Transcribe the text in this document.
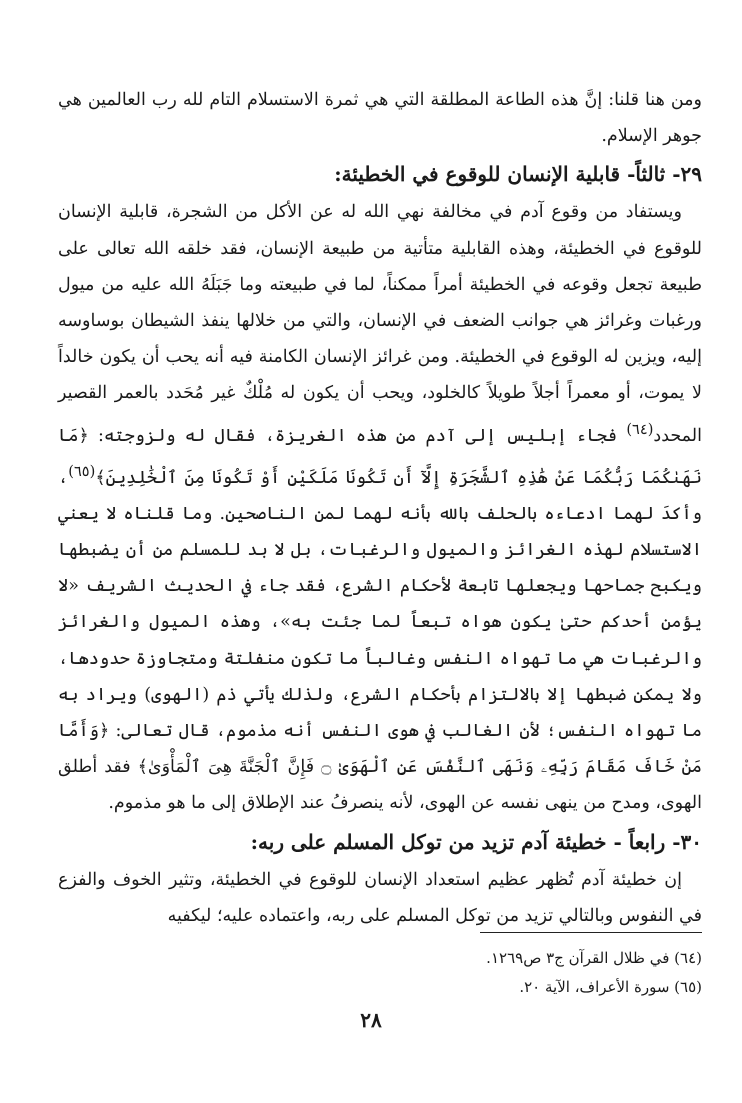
ومن هنا قلنا: إنَّ هذه الطاعة المطلقة التي هي ثمرة الاستسلام التام لله رب العالمين هي جوهر الإسلام.

٢٩- ثالثاً- قابلية الإنسان للوقوع في الخطيئة:

ويستفاد من وقوع آدم في مخالفة نهي الله له عن الأكل من الشجرة، قابلية الإنسان للوقوع في الخطيئة، وهذه القابلية متأتية من طبيعة الإنسان، فقد خلقه الله تعالى على طبيعة تجعل وقوعه في الخطيئة أمراً ممكناً، لما في طبيعته وما جَبَلَهُ الله عليه من ميول ورغبات وغرائز هي جوانب الضعف في الإنسان، والتي من خلالها ينفذ الشيطان بوساوسه إليه، ويزين له الوقوع في الخطيئة. ومن غرائز الإنسان الكامنة فيه أنه يحب أن يكون خالداً لا يموت، أو معمراً أجلاً طويلاً كالخلود، ويحب أن يكون له مُلْكٌ غير مُحَدد بالعمر القصير المحدد$^{(٦٤)}$ فجاء إبليس إلى آدم من هذه الغريزة، فقال له ولزوجته: ﴿مَا نَهَىٰكُمَا رَبُّكُمَا عَنْ هَٰذِهِ ٱلشَّجَرَةِ إِلَّآ أَن تَكُونَا مَلَكَيْنِ أَوْ تَكُونَا مِنَ ٱلْخَٰلِدِينَ﴾$^{(٦٥)}$، وأكدَ لهما ادعاءه بالحلف بالله بأنه لهما لمن الناصحين. وما قلناه لا يعني الاستسلام لهذه الغرائز والميول والرغبات، بل لا بد للمسلم من أن يضبطها ويكبح جماحها ويجعلها تابعة لأحكام الشرع، فقد جاء في الحديث الشريف «لا يؤمن أحدكم حتىٰ يكون هواه تبعاً لما جئت به»، وهذه الميول والغرائز والرغبات هي ما تهواه النفس وغالباً ما تكون منفلتة ومتجاوزة حدودها، ولا يمكن ضبطها إلا بالالتزام بأحكام الشرع، ولذلك يأتي ذم (الهوى) ويراد به ما تهواه النفس؛ لأن الغالب في هوى النفس أنه مذموم، قال تعالى: ﴿وَأَمَّا مَنْ خَافَ مَقَامَ رَبِّهِۦ وَنَهَى ٱلنَّفْسَ عَنِ ٱلْهَوَىٰ ۝ فَإِنَّ ٱلْجَنَّةَ هِىَ ٱلْمَأْوَىٰ﴾ فقد أطلق الهوى، ومدح من ينهى نفسه عن الهوى، لأنه ينصرفُ عند الإطلاق إلى ما هو مذموم.

٣٠- رابعاً - خطيئة آدم تزيد من توكل المسلم على ربه:

إن خطيئة آدم تُظهر عظيم استعداد الإنسان للوقوع في الخطيئة، وتثير الخوف والفزع في النفوس وبالتالي تزيد من توكل المسلم على ربه، واعتماده عليه؛ ليكفيه

(٦٤) في ظلال القرآن ج٣ ص١٢٦٩.

(٦٥) سورة الأعراف، الآية ٢٠.

٢٨
